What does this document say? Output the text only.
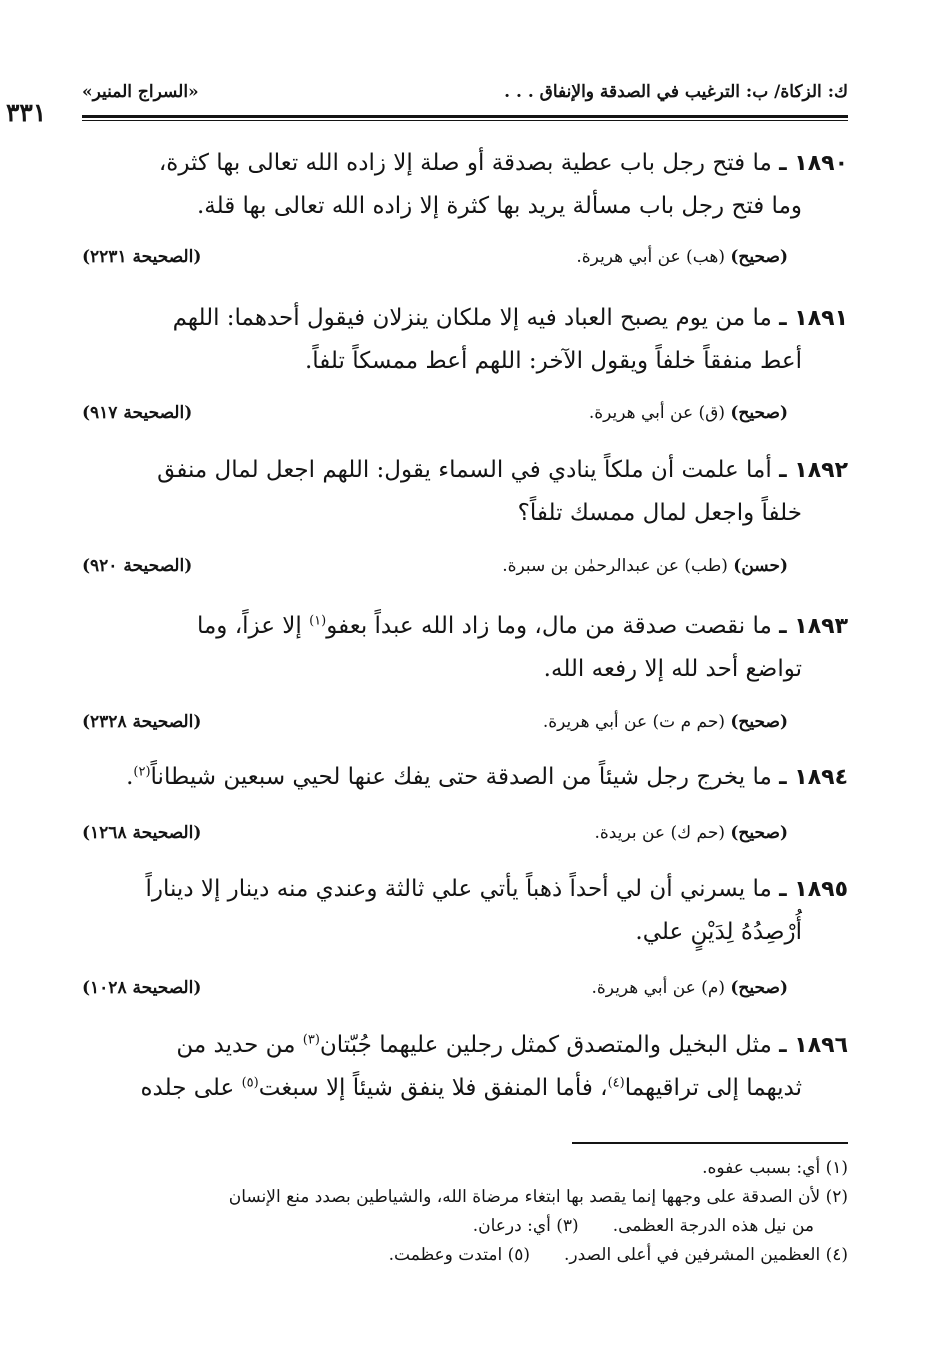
٣٣١
ك: الزكاة/ ب: الترغيب في الصدقة والإنفاق . . .
«السراج المنير»
١٨٩٠ ـ ما فتح رجل باب عطية بصدقة أو صلة إلا زاده الله تعالى بها كثرة،
وما فتح رجل باب مسألة يريد بها كثرة إلا زاده الله تعالى بها قلة.
(صحيح) (هب) عن أبي هريرة.
(الصحيحة ٢٢٣١)
١٨٩١ ـ ما من يوم يصبح العباد فيه إلا ملكان ينزلان فيقول أحدهما: اللهم
أعط منفقاً خلفاً ويقول الآخر: اللهم أعط ممسكاً تلفاً.
(صحيح) (ق) عن أبي هريرة.
(الصحيحة ٩١٧)
١٨٩٢ ـ أما علمت أن ملكاً ينادي في السماء يقول: اللهم اجعل لمال منفق
خلفاً واجعل لمال ممسك تلفاً؟
(حسن) (طب) عن عبدالرحمٰن بن سبرة.
(الصحيحة ٩٢٠)
١٨٩٣ ـ ما نقصت صدقة من مال، وما زاد الله عبداً بعفو$^{(١)}$ إلا عزاً، وما
تواضع أحد لله إلا رفعه الله.
(صحيح) (حم م ت) عن أبي هريرة.
(الصحيحة ٢٣٢٨)
١٨٩٤ ـ ما يخرج رجل شيئاً من الصدقة حتى يفك عنها لحيي سبعين شيطاناً$^{(٢)}$.
(صحيح) (حم ك) عن بريدة.
(الصحيحة ١٢٦٨)
١٨٩٥ ـ ما يسرني أن لي أحداً ذهباً يأتي علي ثالثة وعندي منه دينار إلا ديناراً
أُرْصِدُهُ لِدَيْنٍ علي.
(صحيح) (م) عن أبي هريرة.
(الصحيحة ١٠٢٨)
١٨٩٦ ـ مثل البخيل والمتصدق كمثل رجلين عليهما جُبّتان$^{(٣)}$ من حديد من
ثديهما إلى تراقيهما$^{(٤)}$، فأما المنفق فلا ينفق شيئاً إلا سبغت$^{(٥)}$ على جلده
(١) أي: بسبب عفوه.
(٢) لأن الصدقة على وجهها إنما يقصد بها ابتغاء مرضاة الله، والشياطين بصدد منع الإنسان
من نيل هذه الدرجة العظمى.(٣) أي: درعان.
(٤) العظمين المشرفين في أعلى الصدر.(٥) امتدت وعظمت.
